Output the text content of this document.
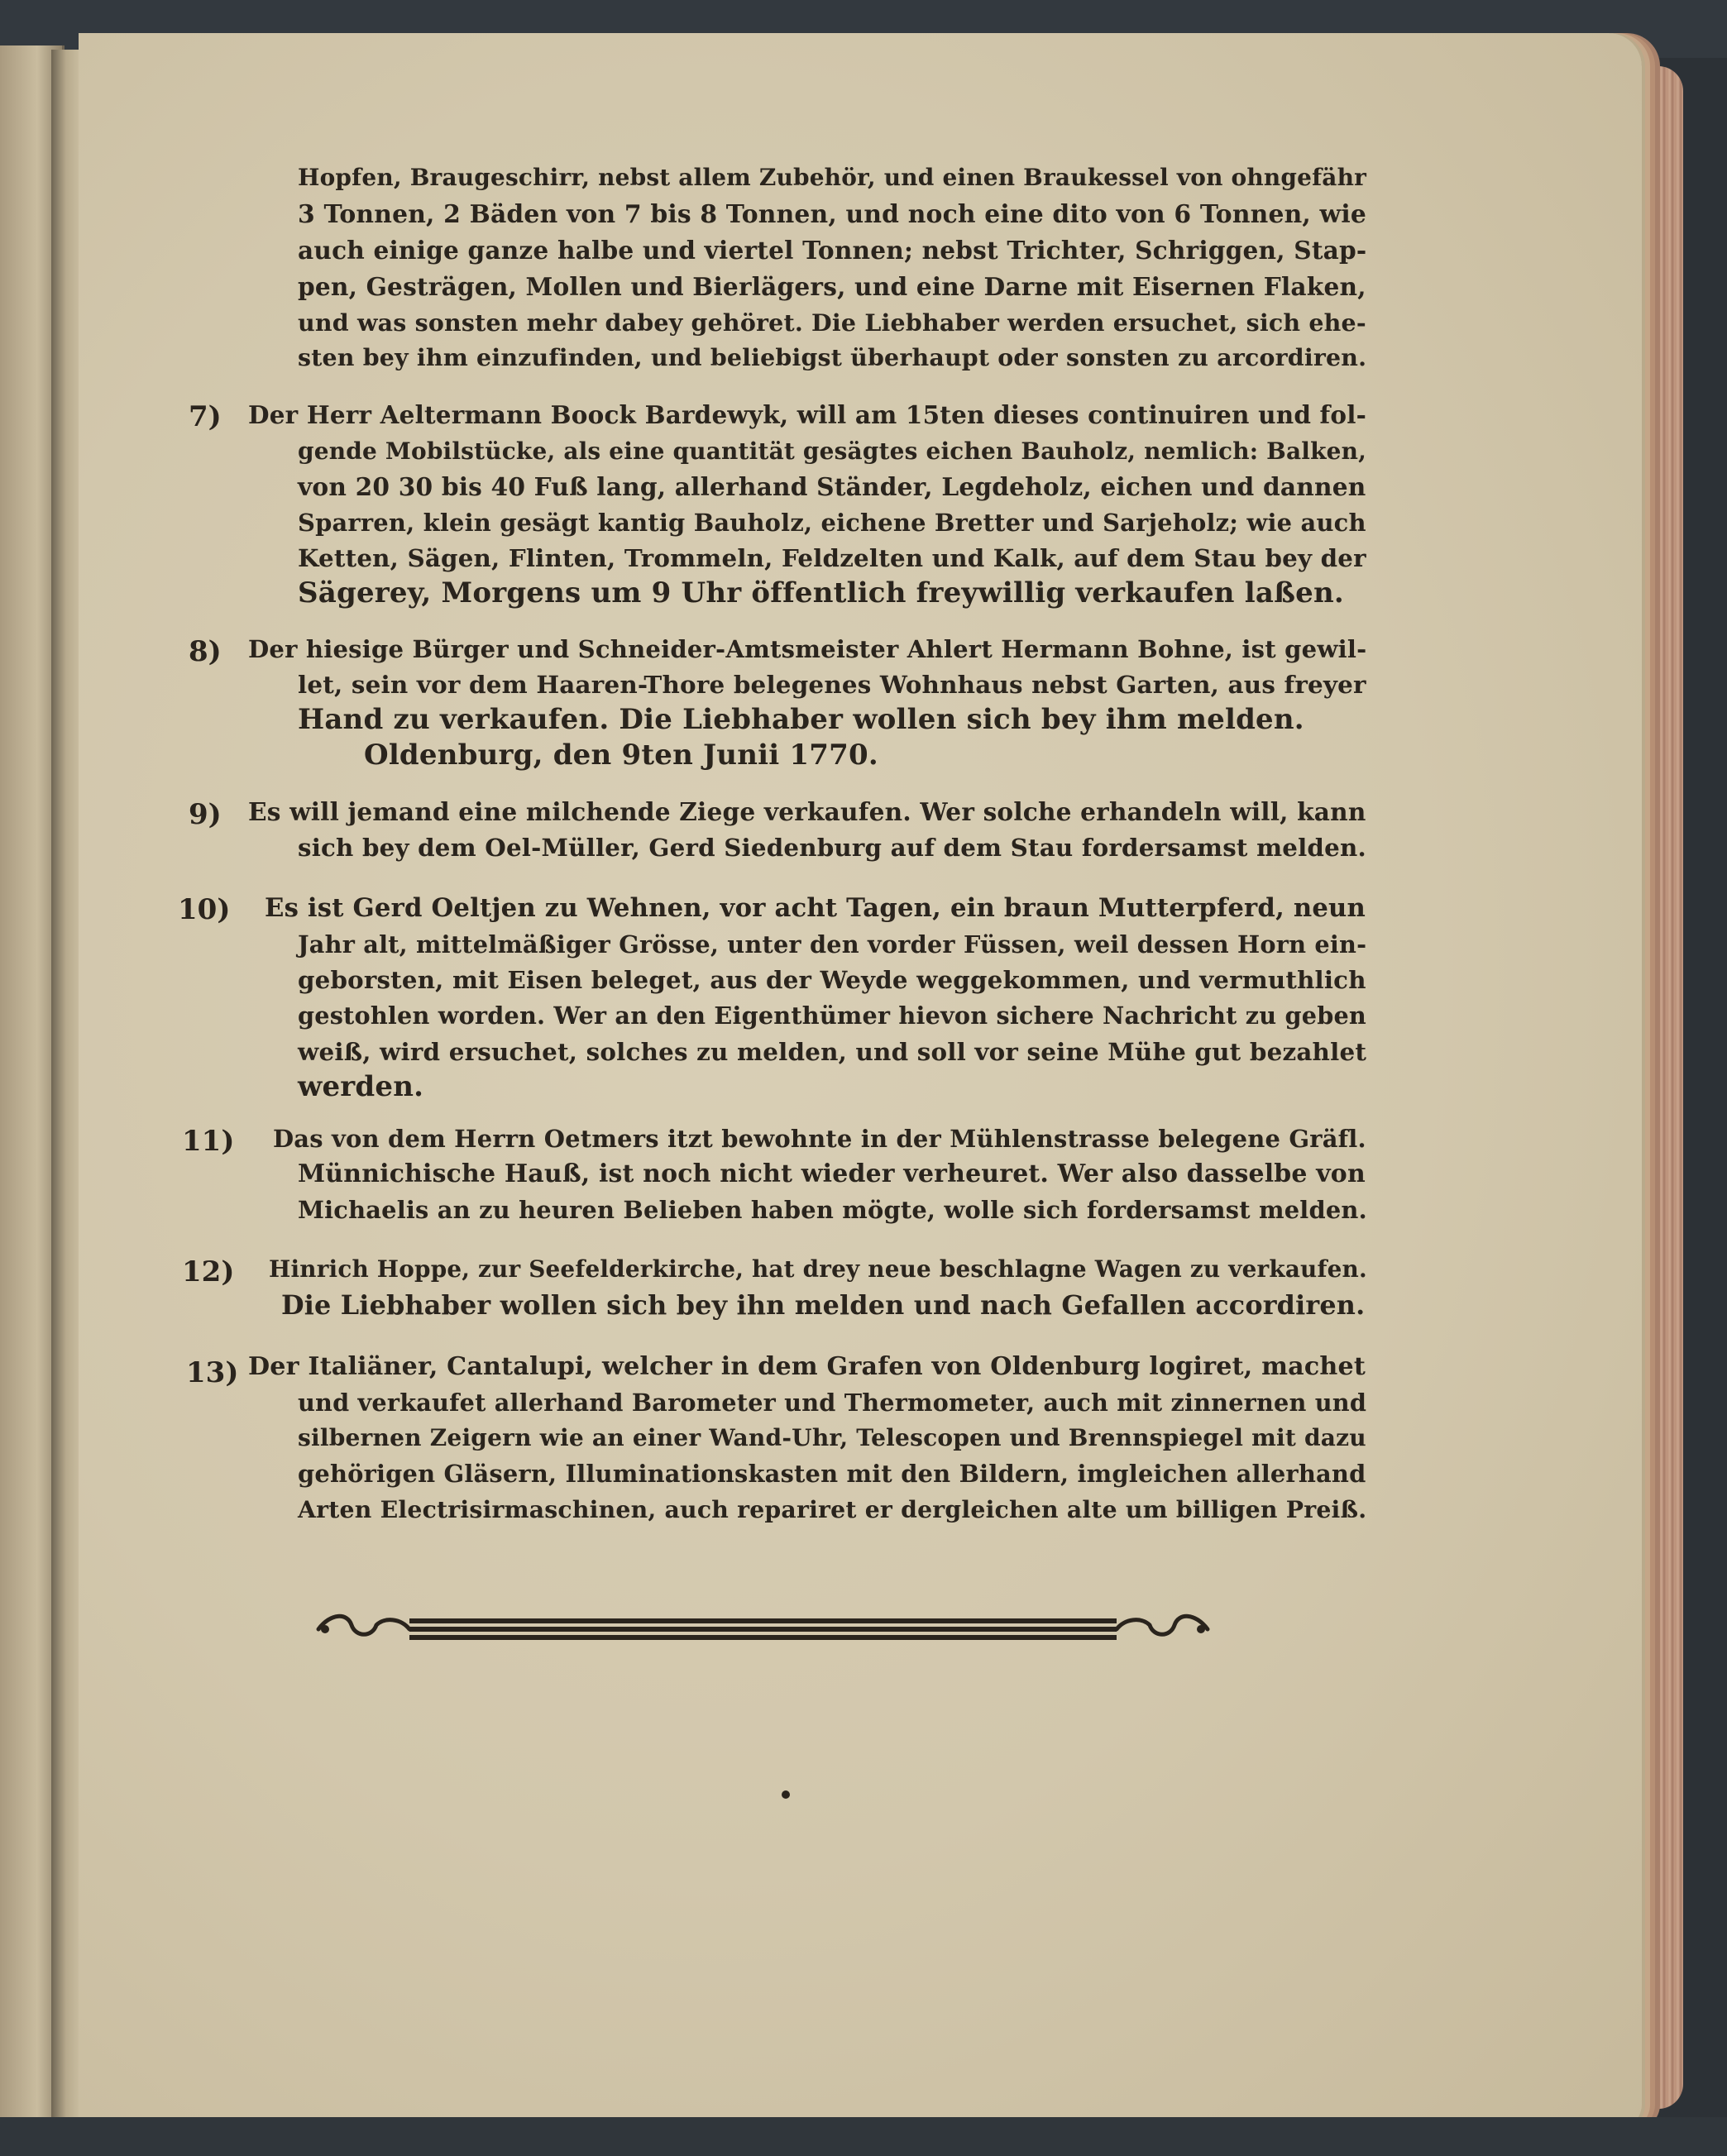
Hopfen, Braugeschirr, nebst allem Zubehör, und einen Braukessel von ohngefähr
3 Tonnen, 2 Bäden von 7 bis 8 Tonnen, und noch eine dito von 6 Tonnen, wie
auch einige ganze halbe und viertel Tonnen; nebst Trichter, Schriggen, Stap-
pen, Gesträgen, Mollen und Bierlägers, und eine Darne mit Eisernen Flaken,
und was sonsten mehr dabey gehöret. Die Liebhaber werden ersuchet, sich ehe-
sten bey ihm einzufinden, und beliebigst überhaupt oder sonsten zu arcordiren.
7) Der Herr Aeltermann Boock Bardewyk, will am 15ten dieses continuiren und fol-
gende Mobilstücke, als eine quantität gesägtes eichen Bauholz, nemlich: Balken,
von 20 30 bis 40 Fuß lang, allerhand Ständer, Legdeholz, eichen und dannen
Sparren, klein gesägt kantig Bauholz, eichene Bretter und Sarjeholz; wie auch
Ketten, Sägen, Flinten, Trommeln, Feldzelten und Kalk, auf dem Stau bey der
Sägerey, Morgens um 9 Uhr öffentlich freywillig verkaufen laßen.
8) Der hiesige Bürger und Schneider-Amtsmeister Ahlert Hermann Bohne, ist gewil-
let, sein vor dem Haaren-Thore belegenes Wohnhaus nebst Garten, aus freyer
Hand zu verkaufen. Die Liebhaber wollen sich bey ihm melden.
Oldenburg, den 9ten Junii 1770.
9) Es will jemand eine milchende Ziege verkaufen. Wer solche erhandeln will, kann
sich bey dem Oel-Müller, Gerd Siedenburg auf dem Stau fordersamst melden.
10) Es ist Gerd Oeltjen zu Wehnen, vor acht Tagen, ein braun Mutterpferd, neun
Jahr alt, mittelmäßiger Grösse, unter den vorder Füssen, weil dessen Horn ein-
geborsten, mit Eisen beleget, aus der Weyde weggekommen, und vermuthlich
gestohlen worden. Wer an den Eigenthümer hievon sichere Nachricht zu geben
weiß, wird ersuchet, solches zu melden, und soll vor seine Mühe gut bezahlet
werden.
11) Das von dem Herrn Oetmers itzt bewohnte in der Mühlenstrasse belegene Gräfl.
Münnichische Hauß, ist noch nicht wieder verheuret. Wer also dasselbe von
Michaelis an zu heuren Belieben haben mögte, wolle sich fordersamst melden.
12) Hinrich Hoppe, zur Seefelderkirche, hat drey neue beschlagne Wagen zu verkaufen.
Die Liebhaber wollen sich bey ihn melden und nach Gefallen accordiren.
13) Der Italiäner, Cantalupi, welcher in dem Grafen von Oldenburg logiret, machet
und verkaufet allerhand Barometer und Thermometer, auch mit zinnernen und
silbernen Zeigern wie an einer Wand-Uhr, Telescopen und Brennspiegel mit dazu
gehörigen Gläsern, Illuminationskasten mit den Bildern, imgleichen allerhand
Arten Electrisirmaschinen, auch repariret er dergleichen alte um billigen Preiß.
